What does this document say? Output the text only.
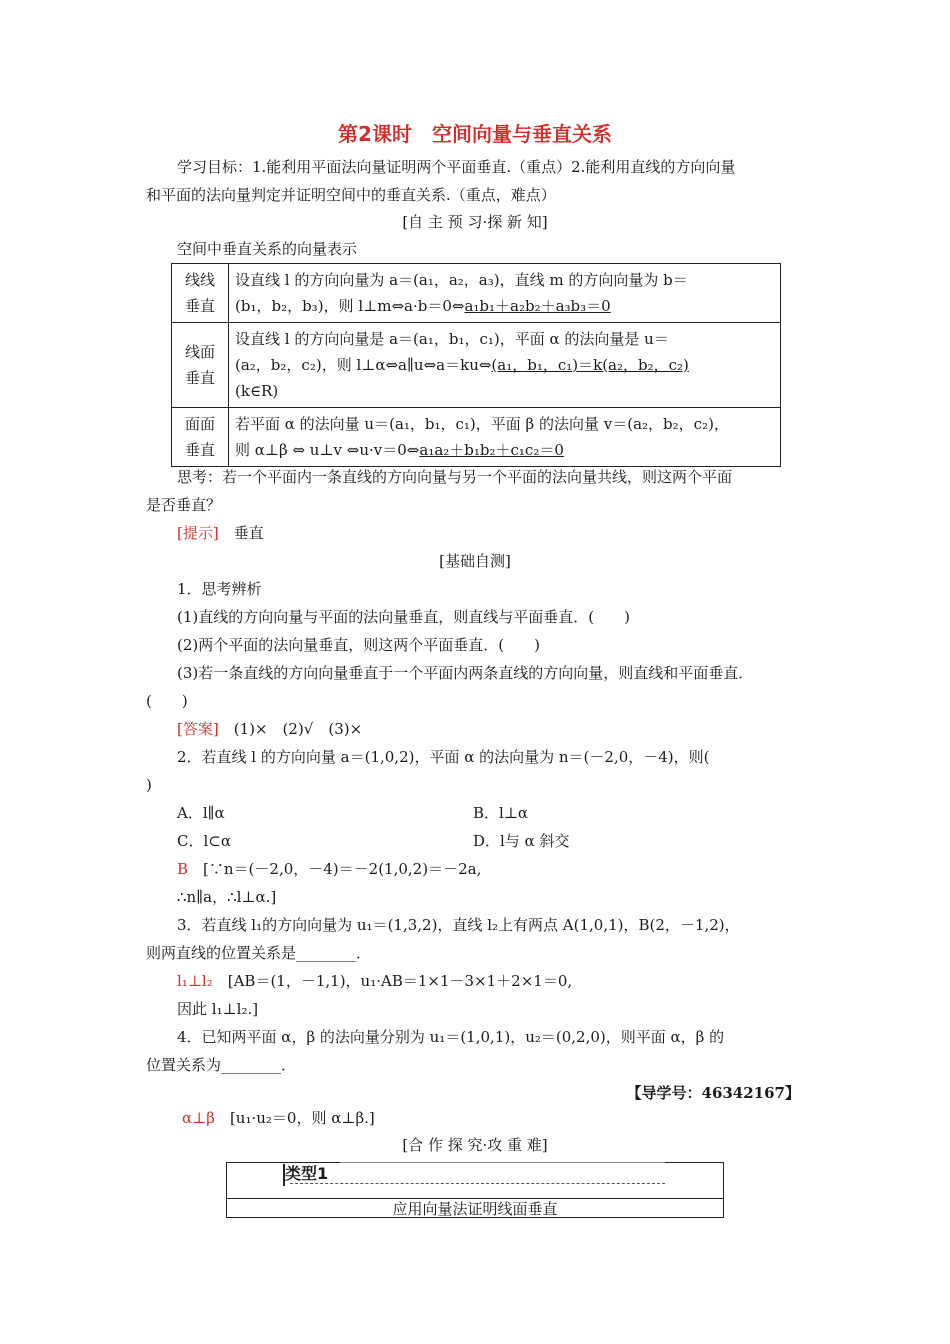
第2课时　空间向量与垂直关系
学习目标：1.能利用平面法向量证明两个平面垂直.（重点）2.能利用直线的方向向量
和平面的法向量判定并证明空间中的垂直关系.（重点，难点）
[自 主 预 习·探 新 知]
空间中垂直关系的向量表示
线线
垂直	设直线 l 的方向向量为 a＝(a₁，a₂，a₃)，直线 m 的方向向量为 b＝
(b₁，b₂，b₃)，则 l⊥m⇔a·b＝0⇔a₁b₁＋a₂b₂＋a₃b₃＝0
线面
垂直	设直线 l 的方向向量是 a＝(a₁，b₁，c₁)，平面 α 的法向量是 u＝
(a₂，b₂，c₂)，则 l⊥α⇔a∥u⇔a＝ku⇔(a₁，b₁，c₁)＝k(a₂，b₂，c₂)
(k∈R)
面面
垂直	若平面 α 的法向量 u＝(a₁，b₁，c₁)，平面 β 的法向量 v＝(a₂，b₂，c₂)，
则 α⊥β ⇔ u⊥v ⇔u·v＝0⇔a₁a₂＋b₁b₂＋c₁c₂＝0
思考：若一个平面内一条直线的方向向量与另一个平面的法向量共线，则这两个平面
是否垂直？
[提示]　 垂直
[基础自测]
1．思考辨析
(1)直线的方向向量与平面的法向量垂直，则直线与平面垂直．(　　)
(2)两个平面的法向量垂直，则这两个平面垂直．(　　)
(3)若一条直线的方向向量垂直于一个平面内两条直线的方向向量，则直线和平面垂直．
(　　)
[答案]　 (1)×　(2)√　(3)×
2．若直线 l 的方向向量 a＝(1,0,2)，平面 α 的法向量为 n＝(－2,0，－4)，则(
)
A．l∥α	B．l⊥α
C．l⊂α	D．l与 α 斜交
B　 [∵n＝(－2,0，－4)＝－2(1,0,2)＝－2a,
∴n∥a，∴l⊥α.]
3．若直线 l₁的方向向量为 u₁＝(1,3,2)，直线 l₂上有两点 A(1,0,1)，B(2，－1,2)，
则两直线的位置关系是________．
l₁⊥l₂　 [AB＝(1，－1,1)，u₁·AB＝1×1－3×1＋2×1＝0,
因此 l₁⊥l₂.]
4．已知两平面 α，β 的法向量分别为 u₁＝(1,0,1)，u₂＝(0,2,0)，则平面 α，β 的
位置关系为________．
【导学号：46342167】
α⊥β　 [u₁·u₂＝0，则 α⊥β.]
[合 作 探 究·攻 重 难]
类型1
应用向量法证明线面垂直
